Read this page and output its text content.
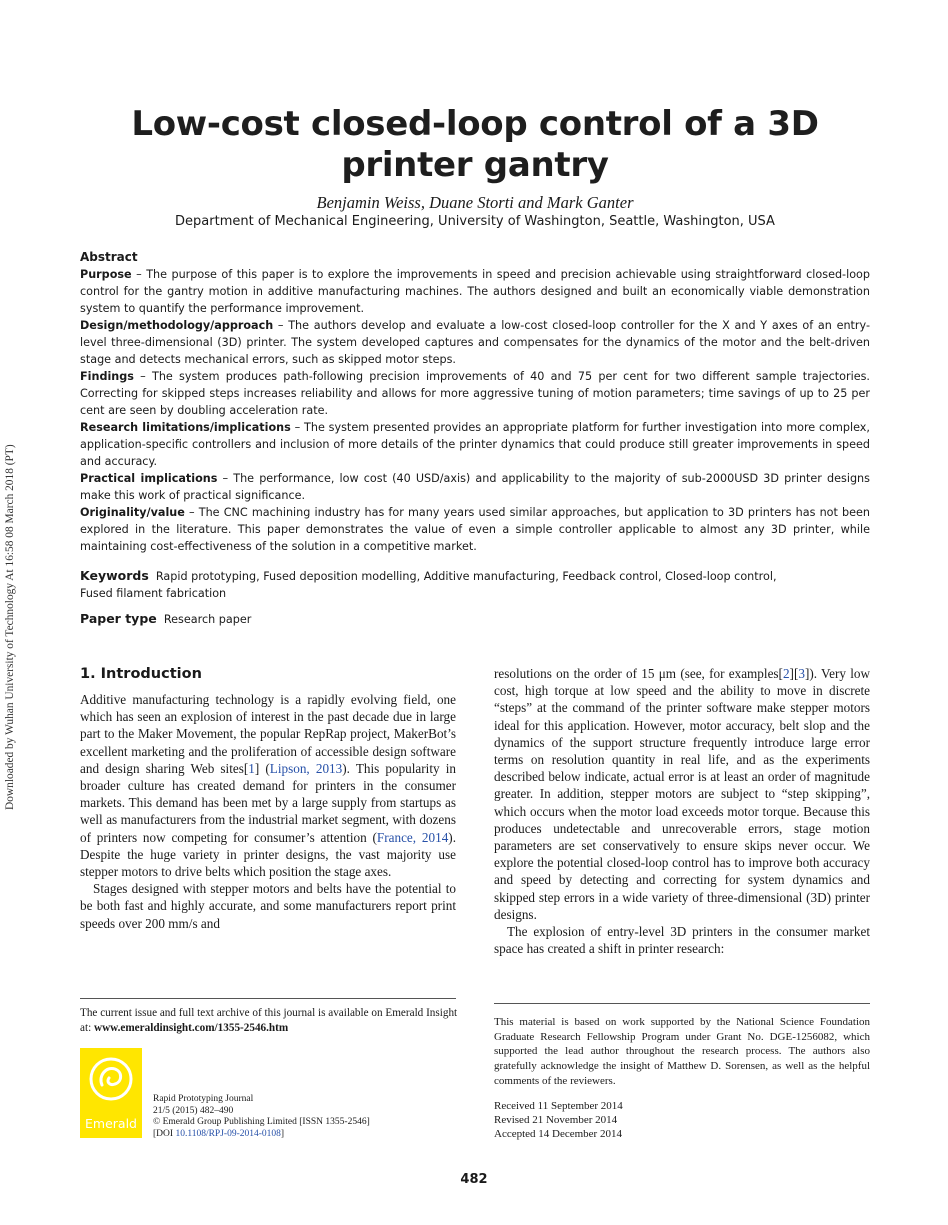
Downloaded by Wuhan University of Technology At 16:58 08 March 2018 (PT)
Low-cost closed-loop control of a 3D printer gantry
Benjamin Weiss, Duane Storti and Mark Ganter
Department of Mechanical Engineering, University of Washington, Seattle, Washington, USA

Abstract

Purpose – The purpose of this paper is to explore the improvements in speed and precision achievable using straightforward closed-loop control for the gantry motion in additive manufacturing machines. The authors designed and built an economically viable demonstration system to quantify the performance improvement.

Design/methodology/approach – The authors develop and evaluate a low-cost closed-loop controller for the X and Y axes of an entry-level three-dimensional (3D) printer. The system developed captures and compensates for the dynamics of the motor and the belt-driven stage and detects mechanical errors, such as skipped motor steps.

Findings – The system produces path-following precision improvements of 40 and 75 per cent for two different sample trajectories. Correcting for skipped steps increases reliability and allows for more aggressive tuning of motion parameters; time savings of up to 25 per cent are seen by doubling acceleration rate.

Research limitations/implications – The system presented provides an appropriate platform for further investigation into more complex, application-specific controllers and inclusion of more details of the printer dynamics that could produce still greater improvements in speed and accuracy.

Practical implications – The performance, low cost (40 USD/axis) and applicability to the majority of sub-2000USD 3D printer designs make this work of practical significance.

Originality/value – The CNC machining industry has for many years used similar approaches, but application to 3D printers has not been explored in the literature. This paper demonstrates the value of even a simple controller applicable to almost any 3D printer, while maintaining cost-effectiveness of the solution in a competitive market.

Keywords Rapid prototyping, Fused deposition modelling, Additive manufacturing, Feedback control, Closed-loop control,
Fused filament fabrication
Paper type Research paper
1. Introduction

Additive manufacturing technology is a rapidly evolving field, one which has seen an explosion of interest in the past decade due in large part to the Maker Movement, the popular RepRap project, MakerBot’s excellent marketing and the proliferation of accessible design software and design sharing Web sites[1] (Lipson, 2013). This popularity in broader culture has created demand for printers in the consumer markets. This demand has been met by a large supply from startups as well as manufacturers from the industrial market segment, with dozens of printers now competing for consumer’s attention (France, 2014). Despite the huge variety in printer designs, the vast majority use stepper motors to drive belts which position the stage axes.

Stages designed with stepper motors and belts have the potential to be both fast and highly accurate, and some manufacturers report print speeds over 200 mm/s and

resolutions on the order of 15 μm (see, for examples[2][3]). Very low cost, high torque at low speed and the ability to move in discrete “steps” at the command of the printer software make stepper motors ideal for this application. However, motor accuracy, belt slop and the dynamics of the support structure frequently introduce large error terms on resolution quantity in real life, and as the experiments described below indicate, actual error is at least an order of magnitude greater. In addition, stepper motors are subject to “step skipping”, which occurs when the motor load exceeds motor torque. Because this produces undetectable and unrecoverable errors, stage motion parameters are set conservatively to ensure skips never occur. We explore the potential closed-loop control has to improve both accuracy and speed by detecting and correcting for system dynamics and skipped step errors in a wide variety of three-dimensional (3D) printer designs.

The explosion of entry-level 3D printers in the consumer market space has created a shift in printer research:

The current issue and full text archive of this journal is available on Emerald Insight at: www.emeraldinsight.com/1355-2546.htm
Emerald
Rapid Prototyping Journal
21/5 (2015) 482–490
© Emerald Group Publishing Limited [ISSN 1355-2546]
[DOI 10.1108/RPJ-09-2014-0108]
This material is based on work supported by the National Science Foundation Graduate Research Fellowship Program under Grant No. DGE-1256082, which supported the lead author throughout the research process. The authors also gratefully acknowledge the insight of Matthew D. Sorensen, as well as the helpful comments of the reviewers.
Received 11 September 2014
Revised 21 November 2014
Accepted 14 December 2014
482
